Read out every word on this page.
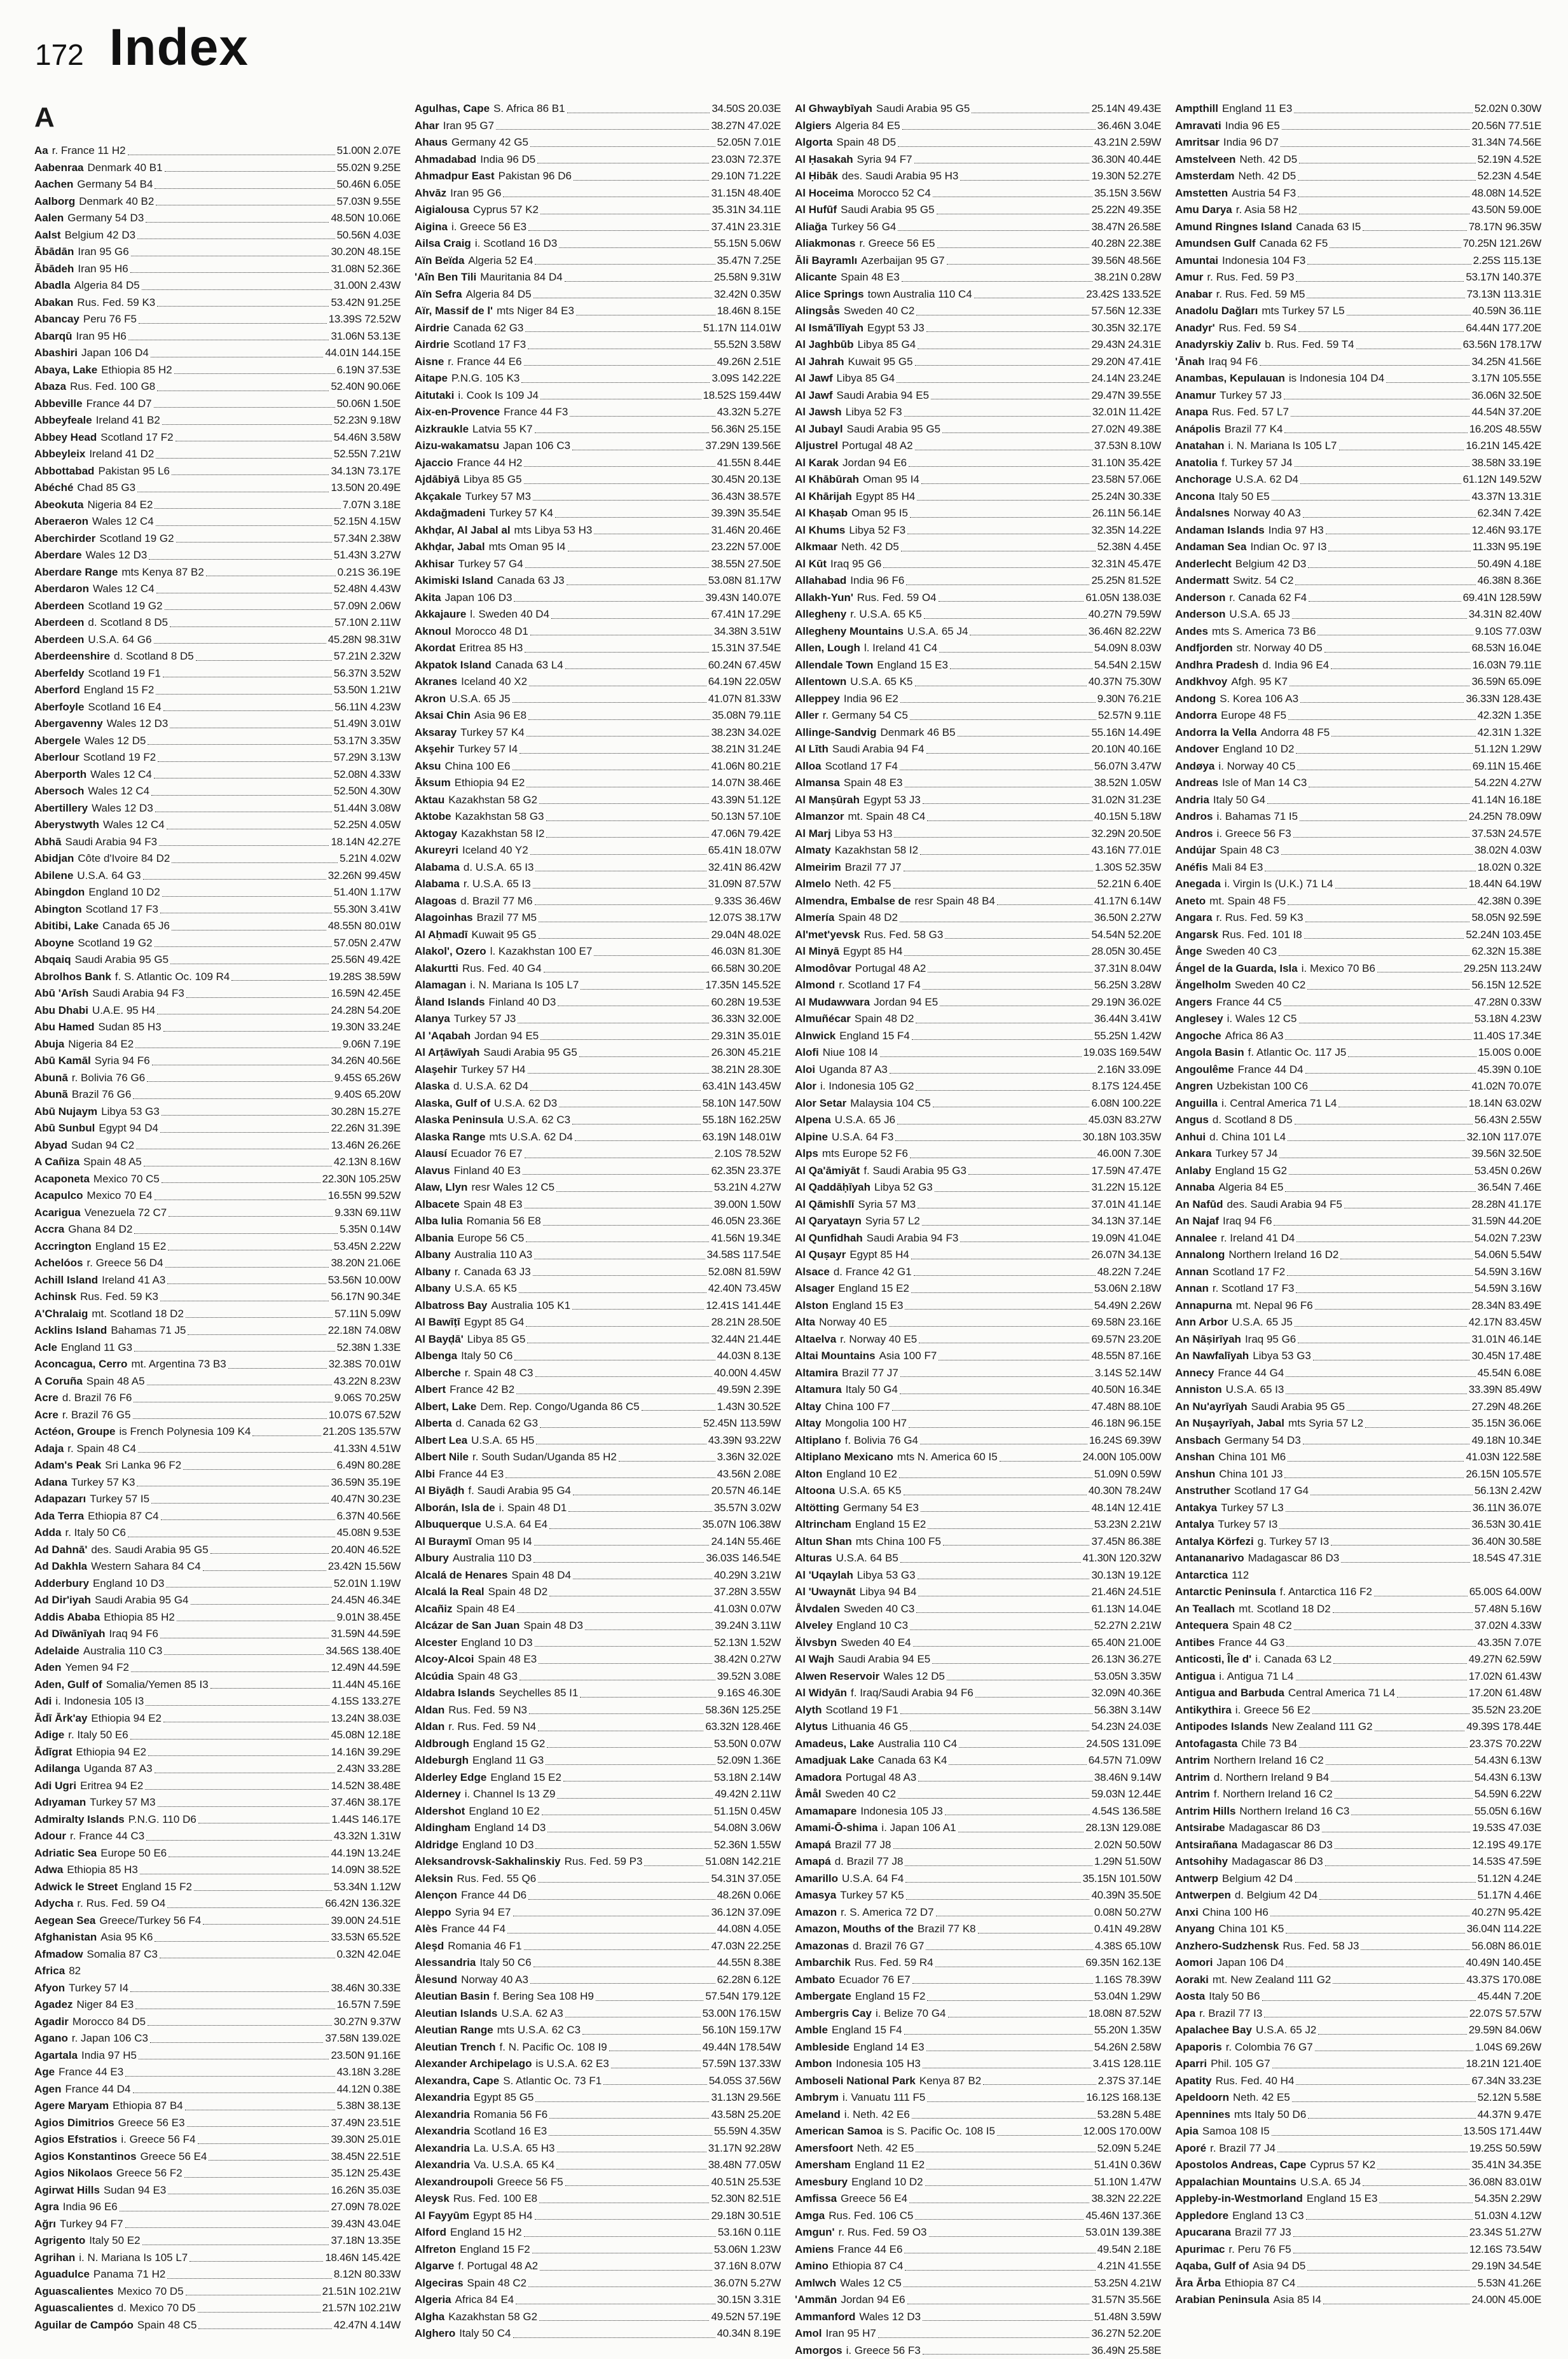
172 Index
A
Aa r. France 11 H2	51.00N 2.07E
Aabenraa Denmark 40 B1	55.02N 9.25E
Aachen Germany 54 B4	50.46N 6.05E
Aalborg Denmark 40 B2	57.03N 9.55E
Aalen Germany 54 D3	48.50N 10.06E
Aalst Belgium 42 D3	50.56N 4.03E
Ābādān Iran 95 G6	30.20N 48.15E
Ābādeh Iran 95 H6	31.08N 52.36E
Abadla Algeria 84 D5	31.00N 2.43W
Abakan Rus. Fed. 59 K3	53.42N 91.25E
Abancay Peru 76 F5	13.39S 72.52W
Abarqū Iran 95 H6	31.06N 53.13E
Abashiri Japan 106 D4	44.01N 144.15E
Abaya, Lake Ethiopia 85 H2	6.19N 37.53E
Abaza Rus. Fed. 100 G8	52.40N 90.06E
Abbeville France 44 D7	50.06N 1.50E
Abbeyfeale Ireland 41 B2	52.23N 9.18W
Abbey Head Scotland 17 F2	54.46N 3.58W
Abbeyleix Ireland 41 D2	52.55N 7.21W
Abbottabad Pakistan 95 L6	34.13N 73.17E
Abéché Chad 85 G3	13.50N 20.49E
Abeokuta Nigeria 84 E2	7.07N 3.18E
Aberaeron Wales 12 C4	52.15N 4.15W
Aberchirder Scotland 19 G2	57.34N 2.38W
Aberdare Wales 12 D3	51.43N 3.27W
Aberdare Range mts Kenya 87 B2	0.21S 36.19E
Aberdaron Wales 12 C4	52.48N 4.43W
Aberdeen Scotland 19 G2	57.09N 2.06W
Aberdeen d. Scotland 8 D5	57.10N 2.11W
Aberdeen U.S.A. 64 G6	45.28N 98.31W
Aberdeenshire d. Scotland 8 D5	57.21N 2.32W
Aberfeldy Scotland 19 F1	56.37N 3.52W
Aberford England 15 F2	53.50N 1.21W
Aberfoyle Scotland 16 E4	56.11N 4.23W
Abergavenny Wales 12 D3	51.49N 3.01W
Abergele Wales 12 D5	53.17N 3.35W
Aberlour Scotland 19 F2	57.29N 3.13W
Aberporth Wales 12 C4	52.08N 4.33W
Abersoch Wales 12 C4	52.50N 4.30W
Abertillery Wales 12 D3	51.44N 3.08W
Aberystwyth Wales 12 C4	52.25N 4.05W
Abhā Saudi Arabia 94 F3	18.14N 42.27E
Abidjan Côte d'Ivoire 84 D2	5.21N 4.02W
Abilene U.S.A. 64 G3	32.26N 99.45W
Abingdon England 10 D2	51.40N 1.17W
Abington Scotland 17 F3	55.30N 3.41W
Abitibi, Lake Canada 65 J6	48.55N 80.01W
Aboyne Scotland 19 G2	57.05N 2.47W
Abqaiq Saudi Arabia 95 G5	25.56N 49.42E
Abrolhos Bank f. S. Atlantic Oc. 109 R4	19.28S 38.59W
Abū 'Arīsh Saudi Arabia 94 F3	16.59N 42.45E
Abu Dhabi U.A.E. 95 H4	24.28N 54.20E
Abu Hamed Sudan 85 H3	19.30N 33.24E
Abuja Nigeria 84 E2	9.06N 7.19E
Abū Kamāl Syria 94 F6	34.26N 40.56E
Abunā r. Bolivia 76 G6	9.45S 65.26W
Abunã Brazil 76 G6	9.40S 65.20W
Abū Nujaym Libya 53 G3	30.28N 15.27E
Abū Sunbul Egypt 94 D4	22.26N 31.39E
Abyad Sudan 94 C2	13.46N 26.26E
A Cañiza Spain 48 A5	42.13N 8.16W
Acaponeta Mexico 70 C5	22.30N 105.25W
Acapulco Mexico 70 E4	16.55N 99.52W
Acarigua Venezuela 72 C7	9.33N 69.11W
Accra Ghana 84 D2	5.35N 0.14W
Accrington England 15 E2	53.45N 2.22W
Achelóos r. Greece 56 D4	38.20N 21.06E
Achill Island Ireland 41 A3	53.56N 10.00W
Achinsk Rus. Fed. 59 K3	56.17N 90.34E
A'Chralaig mt. Scotland 18 D2	57.11N 5.09W
Acklins Island Bahamas 71 J5	22.18N 74.08W
Acle England 11 G3	52.38N 1.33E
Aconcagua, Cerro mt. Argentina 73 B3	32.38S 70.01W
A Coruña Spain 48 A5	43.22N 8.23W
Acre d. Brazil 76 F6	9.06S 70.25W
Acre r. Brazil 76 G5	10.07S 67.52W
Actéon, Groupe is French Polynesia 109 K4	21.20S 135.57W
Adaja r. Spain 48 C4	41.33N 4.51W
Adam's Peak Sri Lanka 96 F2	6.49N 80.28E
Adana Turkey 57 K3	36.59N 35.19E
Adapazarı Turkey 57 I5	40.47N 30.23E
Ada Terra Ethiopia 87 C4	6.37N 40.56E
Adda r. Italy 50 C6	45.08N 9.53E
Ad Dahnā' des. Saudi Arabia 95 G5	20.40N 46.52E
Ad Dakhla Western Sahara 84 C4	23.42N 15.56W
Adderbury England 10 D3	52.01N 1.19W
Ad Dir'iyah Saudi Arabia 95 G4	24.45N 46.34E
Addis Ababa Ethiopia 85 H2	9.01N 38.45E
Ad Dīwānīyah Iraq 94 F6	31.59N 44.59E
Adelaide Australia 110 C3	34.56S 138.40E
Aden Yemen 94 F2	12.49N 44.59E
Aden, Gulf of Somalia/Yemen 85 I3	11.44N 45.16E
Adi i. Indonesia 105 I3	4.15S 133.27E
Ādī Ārk'ay Ethiopia 94 E2	13.24N 38.03E
Adige r. Italy 50 E6	45.08N 12.18E
Ādīgrat Ethiopia 94 E2	14.16N 39.29E
Adilanga Uganda 87 A3	2.43N 33.28E
Adi Ugri Eritrea 94 E2	14.52N 38.48E
Adıyaman Turkey 57 M3	37.46N 38.17E
Admiralty Islands P.N.G. 110 D6	1.44S 146.17E
Adour r. France 44 C3	43.32N 1.31W
Adriatic Sea Europe 50 E6	44.19N 13.24E
Adwa Ethiopia 85 H3	14.09N 38.52E
Adwick le Street England 15 F2	53.34N 1.12W
Adycha r. Rus. Fed. 59 O4	66.42N 136.32E
Aegean Sea Greece/Turkey 56 F4	39.00N 24.51E
Afghanistan Asia 95 K6	33.53N 65.52E
Afmadow Somalia 87 C3	0.32N 42.04E
Africa 82
Afyon Turkey 57 I4	38.46N 30.33E
Agadez Niger 84 E3	16.57N 7.59E
Agadir Morocco 84 D5	30.27N 9.37W
Agano r. Japan 106 C3	37.58N 139.02E
Agartala India 97 H5	23.50N 91.16E
Age France 44 E3	43.18N 3.28E
Agen France 44 D4	44.12N 0.38E
Agere Maryam Ethiopia 87 B4	5.38N 38.13E
Agios Dimitrios Greece 56 E3	37.49N 23.51E
Agios Efstratios i. Greece 56 F4	39.30N 25.01E
Agios Konstantinos Greece 56 E4	38.45N 22.51E
Agios Nikolaos Greece 56 F2	35.12N 25.43E
Agirwat Hills Sudan 94 E3	16.26N 35.03E
Agra India 96 E6	27.09N 78.02E
Ağrı Turkey 94 F7	39.43N 43.04E
Agrigento Italy 50 E2	37.18N 13.35E
Agrihan i. N. Mariana Is 105 L7	18.46N 145.42E
Aguadulce Panama 71 H2	8.12N 80.33W
Aguascalientes Mexico 70 D5	21.51N 102.21W
Aguascalientes d. Mexico 70 D5	21.57N 102.21W
Aguilar de Campóo Spain 48 C5	42.47N 4.14W
Agulhas, Cape S. Africa 86 B1	34.50S 20.03E
Ahar Iran 95 G7	38.27N 47.02E
Ahaus Germany 42 G5	52.05N 7.01E
Ahmadabad India 96 D5	23.03N 72.37E
Ahmadpur East Pakistan 96 D6	29.10N 71.22E
Ahvāz Iran 95 G6	31.15N 48.40E
Aigialousa Cyprus 57 K2	35.31N 34.11E
Aigina i. Greece 56 E3	37.41N 23.31E
Ailsa Craig i. Scotland 16 D3	55.15N 5.06W
Aïn Beïda Algeria 52 E4	35.47N 7.25E
'Aîn Ben Tili Mauritania 84 D4	25.58N 9.31W
Aïn Sefra Algeria 84 D5	32.42N 0.35W
Aïr, Massif de l' mts Niger 84 E3	18.46N 8.15E
Airdrie Canada 62 G3	51.17N 114.01W
Airdrie Scotland 17 F3	55.52N 3.58W
Aisne r. France 44 E6	49.26N 2.51E
Aitape P.N.G. 105 K3	3.09S 142.22E
Aitutaki i. Cook Is 109 J4	18.52S 159.44W
Aix-en-Provence France 44 F3	43.32N 5.27E
Aizkraukle Latvia 55 K7	56.36N 25.15E
Aizu-wakamatsu Japan 106 C3	37.29N 139.56E
Ajaccio France 44 H2	41.55N 8.44E
Ajdābiyā Libya 85 G5	30.45N 20.13E
Akçakale Turkey 57 M3	36.43N 38.57E
Akdağmadeni Turkey 57 K4	39.39N 35.54E
Akhḍar, Al Jabal al mts Libya 53 H3	31.46N 20.46E
Akhḍar, Jabal mts Oman 95 I4	23.22N 57.00E
Akhisar Turkey 57 G4	38.55N 27.50E
Akimiski Island Canada 63 J3	53.08N 81.17W
Akita Japan 106 D3	39.43N 140.07E
Akkajaure l. Sweden 40 D4	67.41N 17.29E
Aknoul Morocco 48 D1	34.38N 3.51W
Akordat Eritrea 85 H3	15.31N 37.54E
Akpatok Island Canada 63 L4	60.24N 67.45W
Akranes Iceland 40 X2	64.19N 22.05W
Akron U.S.A. 65 J5	41.07N 81.33W
Aksai Chin Asia 96 E8	35.08N 79.11E
Aksaray Turkey 57 K4	38.23N 34.02E
Akşehir Turkey 57 I4	38.21N 31.24E
Aksu China 100 E6	41.06N 80.21E
Āksum Ethiopia 94 E2	14.07N 38.46E
Aktau Kazakhstan 58 G2	43.39N 51.12E
Aktobe Kazakhstan 58 G3	50.13N 57.10E
Aktogay Kazakhstan 58 I2	47.06N 79.42E
Akureyri Iceland 40 Y2	65.41N 18.07W
Alabama d. U.S.A. 65 I3	32.41N 86.42W
Alabama r. U.S.A. 65 I3	31.09N 87.57W
Alagoas d. Brazil 77 M6	9.33S 36.46W
Alagoinhas Brazil 77 M5	12.07S 38.17W
Al Aḥmadī Kuwait 95 G5	29.04N 48.02E
Alakol', Ozero l. Kazakhstan 100 E7	46.03N 81.30E
Alakurtti Rus. Fed. 40 G4	66.58N 30.20E
Alamagan i. N. Mariana Is 105 L7	17.35N 145.52E
Åland Islands Finland 40 D3	60.28N 19.53E
Alanya Turkey 57 J3	36.33N 32.00E
Al 'Aqabah Jordan 94 E5	29.31N 35.01E
Al Arṭāwīyah Saudi Arabia 95 G5	26.30N 45.21E
Alaşehir Turkey 57 H4	38.21N 28.30E
Alaska d. U.S.A. 62 D4	63.41N 143.45W
Alaska, Gulf of U.S.A. 62 D3	58.10N 147.50W
Alaska Peninsula U.S.A. 62 C3	55.18N 162.25W
Alaska Range mts U.S.A. 62 D4	63.19N 148.01W
Alausí Ecuador 76 E7	2.10S 78.52W
Alavus Finland 40 E3	62.35N 23.37E
Alaw, Llyn resr Wales 12 C5	53.21N 4.27W
Albacete Spain 48 E3	39.00N 1.50W
Alba Iulia Romania 56 E8	46.05N 23.36E
Albania Europe 56 C5	41.56N 19.34E
Albany Australia 110 A3	34.58S 117.54E
Albany r. Canada 63 J3	52.08N 81.59W
Albany U.S.A. 65 K5	42.40N 73.45W
Albatross Bay Australia 105 K1	12.41S 141.44E
Al Bawīṭī Egypt 85 G4	28.21N 28.50E
Al Bayḍā' Libya 85 G5	32.44N 21.44E
Albenga Italy 50 C6	44.03N 8.13E
Alberche r. Spain 48 C3	40.00N 4.45W
Albert France 42 B2	49.59N 2.39E
Albert, Lake Dem. Rep. Congo/Uganda 86 C5	1.43N 30.52E
Alberta d. Canada 62 G3	52.45N 113.59W
Albert Lea U.S.A. 65 H5	43.39N 93.22W
Albert Nile r. South Sudan/Uganda 85 H2	3.36N 32.02E
Albi France 44 E3	43.56N 2.08E
Al Biyāḍh f. Saudi Arabia 95 G4	20.57N 46.14E
Alborán, Isla de i. Spain 48 D1	35.57N 3.02W
Albuquerque U.S.A. 64 E4	35.07N 106.38W
Al Buraymī Oman 95 I4	24.14N 55.46E
Albury Australia 110 D3	36.03S 146.54E
Alcalá de Henares Spain 48 D4	40.29N 3.21W
Alcalá la Real Spain 48 D2	37.28N 3.55W
Alcañiz Spain 48 E4	41.03N 0.07W
Alcázar de San Juan Spain 48 D3	39.24N 3.11W
Alcester England 10 D3	52.13N 1.52W
Alcoy-Alcoi Spain 48 E3	38.42N 0.27W
Alcúdia Spain 48 G3	39.52N 3.08E
Aldabra Islands Seychelles 85 I1	9.16S 46.30E
Aldan Rus. Fed. 59 N3	58.36N 125.25E
Aldan r. Rus. Fed. 59 N4	63.32N 128.46E
Aldbrough England 15 G2	53.50N 0.07W
Aldeburgh England 11 G3	52.09N 1.36E
Alderley Edge England 15 E2	53.18N 2.14W
Alderney i. Channel Is 13 Z9	49.42N 2.11W
Aldershot England 10 E2	51.15N 0.45W
Aldingham England 14 D3	54.08N 3.06W
Aldridge England 10 D3	52.36N 1.55W
Aleksandrovsk-Sakhalinskiy Rus. Fed. 59 P3	51.08N 142.21E
Aleksin Rus. Fed. 55 Q6	54.31N 37.05E
Alençon France 44 D6	48.26N 0.06E
Aleppo Syria 94 E7	36.12N 37.09E
Alès France 44 F4	44.08N 4.05E
Aleşd Romania 46 F1	47.03N 22.25E
Alessandria Italy 50 C6	44.55N 8.38E
Ålesund Norway 40 A3	62.28N 6.12E
Aleutian Basin f. Bering Sea 108 H9	57.54N 179.12E
Aleutian Islands U.S.A. 62 A3	53.00N 176.15W
Aleutian Range mts U.S.A. 62 C3	56.10N 159.17W
Aleutian Trench f. N. Pacific Oc. 108 I9	49.44N 178.54W
Alexander Archipelago is U.S.A. 62 E3	57.59N 137.33W
Alexandra, Cape S. Atlantic Oc. 73 F1	54.05S 37.56W
Alexandria Egypt 85 G5	31.13N 29.56E
Alexandria Romania 56 F6	43.58N 25.20E
Alexandria Scotland 16 E3	55.59N 4.35W
Alexandria La. U.S.A. 65 H3	31.17N 92.28W
Alexandria Va. U.S.A. 65 K4	38.48N 77.05W
Alexandroupoli Greece 56 F5	40.51N 25.53E
Aleysk Rus. Fed. 100 E8	52.30N 82.51E
Al Fayyūm Egypt 85 H4	29.18N 30.51E
Alford England 15 H2	53.16N 0.11E
Alfreton England 15 F2	53.06N 1.23W
Algarve f. Portugal 48 A2	37.16N 8.07W
Algeciras Spain 48 C2	36.07N 5.27W
Algeria Africa 84 E4	30.15N 3.31E
Algha Kazakhstan 58 G2	49.52N 57.19E
Alghero Italy 50 C4	40.34N 8.19E
Al Ghwaybīyah Saudi Arabia 95 G5	25.14N 49.43E
Algiers Algeria 84 E5	36.46N 3.04E
Algorta Spain 48 D5	43.21N 2.59W
Al Ḥasakah Syria 94 F7	36.30N 40.44E
Al Ḥibāk des. Saudi Arabia 95 H3	19.30N 52.27E
Al Hoceima Morocco 52 C4	35.15N 3.56W
Al Hufūf Saudi Arabia 95 G5	25.22N 49.35E
Aliağa Turkey 56 G4	38.47N 26.58E
Aliakmonas r. Greece 56 E5	40.28N 22.38E
Āli Bayramlı Azerbaijan 95 G7	39.56N 48.56E
Alicante Spain 48 E3	38.21N 0.28W
Alice Springs town Australia 110 C4	23.42S 133.52E
Alingsås Sweden 40 C2	57.56N 12.33E
Al Ismā'īlīyah Egypt 53 J3	30.35N 32.17E
Al Jaghbūb Libya 85 G4	29.43N 24.31E
Al Jahrah Kuwait 95 G5	29.20N 47.41E
Al Jawf Libya 85 G4	24.14N 23.24E
Al Jawf Saudi Arabia 94 E5	29.47N 39.55E
Al Jawsh Libya 52 F3	32.01N 11.42E
Al Jubayl Saudi Arabia 95 G5	27.02N 49.38E
Aljustrel Portugal 48 A2	37.53N 8.10W
Al Karak Jordan 94 E6	31.10N 35.42E
Al Khābūrah Oman 95 I4	23.58N 57.06E
Al Khārijah Egypt 85 H4	25.24N 30.33E
Al Khaṣab Oman 95 I5	26.11N 56.14E
Al Khums Libya 52 F3	32.35N 14.22E
Alkmaar Neth. 42 D5	52.38N 4.45E
Al Kūt Iraq 95 G6	32.31N 45.47E
Allahabad India 96 F6	25.25N 81.52E
Allakh-Yun' Rus. Fed. 59 O4	61.05N 138.03E
Allegheny r. U.S.A. 65 K5	40.27N 79.59W
Allegheny Mountains U.S.A. 65 J4	36.46N 82.22W
Allen, Lough l. Ireland 41 C4	54.09N 8.03W
Allendale Town England 15 E3	54.54N 2.15W
Allentown U.S.A. 65 K5	40.37N 75.30W
Alleppey India 96 E2	9.30N 76.21E
Aller r. Germany 54 C5	52.57N 9.11E
Allinge-Sandvig Denmark 46 B5	55.16N 14.49E
Al Līth Saudi Arabia 94 F4	20.10N 40.16E
Alloa Scotland 17 F4	56.07N 3.47W
Almansa Spain 48 E3	38.52N 1.05W
Al Manṣūrah Egypt 53 J3	31.02N 31.23E
Almanzor mt. Spain 48 C4	40.15N 5.18W
Al Marj Libya 53 H3	32.29N 20.50E
Almaty Kazakhstan 58 I2	43.16N 77.01E
Almeirim Brazil 77 J7	1.30S 52.35W
Almelo Neth. 42 F5	52.21N 6.40E
Almendra, Embalse de resr Spain 48 B4	41.17N 6.14W
Almería Spain 48 D2	36.50N 2.27W
Al'met'yevsk Rus. Fed. 58 G3	54.54N 52.20E
Al Minyā Egypt 85 H4	28.05N 30.45E
Almodôvar Portugal 48 A2	37.31N 8.04W
Almond r. Scotland 17 F4	56.25N 3.28W
Al Mudawwara Jordan 94 E5	29.19N 36.02E
Almuñécar Spain 48 D2	36.44N 3.41W
Alnwick England 15 F4	55.25N 1.42W
Alofi Niue 108 I4	19.03S 169.54W
Aloi Uganda 87 A3	2.16N 33.09E
Alor i. Indonesia 105 G2	8.17S 124.45E
Alor Setar Malaysia 104 C5	6.08N 100.22E
Alpena U.S.A. 65 J6	45.03N 83.27W
Alpine U.S.A. 64 F3	30.18N 103.35W
Alps mts Europe 52 F6	46.00N 7.30E
Al Qa'āmiyāt f. Saudi Arabia 95 G3	17.59N 47.47E
Al Qaddāḥīyah Libya 52 G3	31.22N 15.12E
Al Qāmishlī Syria 57 M3	37.01N 41.14E
Al Qaryatayn Syria 57 L2	34.13N 37.14E
Al Qunfidhah Saudi Arabia 94 F3	19.09N 41.04E
Al Quṣayr Egypt 85 H4	26.07N 34.13E
Alsace d. France 42 G1	48.22N 7.24E
Alsager England 15 E2	53.06N 2.18W
Alston England 15 E3	54.49N 2.26W
Alta Norway 40 E5	69.58N 23.16E
Altaelva r. Norway 40 E5	69.57N 23.20E
Altai Mountains Asia 100 F7	48.55N 87.16E
Altamira Brazil 77 J7	3.14S 52.14W
Altamura Italy 50 G4	40.50N 16.34E
Altay China 100 F7	47.48N 88.10E
Altay Mongolia 100 H7	46.18N 96.15E
Altiplano f. Bolivia 76 G4	16.24S 69.39W
Altiplano Mexicano mts N. America 60 I5	24.00N 105.00W
Alton England 10 E2	51.09N 0.59W
Altoona U.S.A. 65 K5	40.30N 78.24W
Altötting Germany 54 E3	48.14N 12.41E
Altrincham England 15 E2	53.23N 2.21W
Altun Shan mts China 100 F5	37.45N 86.38E
Alturas U.S.A. 64 B5	41.30N 120.32W
Al 'Uqaylah Libya 53 G3	30.13N 19.12E
Al 'Uwaynāt Libya 94 B4	21.46N 24.51E
Ålvdalen Sweden 40 C3	61.13N 14.04E
Alveley England 10 C3	52.27N 2.21W
Älvsbyn Sweden 40 E4	65.40N 21.00E
Al Wajh Saudi Arabia 94 E5	26.13N 36.27E
Alwen Reservoir Wales 12 D5	53.05N 3.35W
Al Widyān f. Iraq/Saudi Arabia 94 F6	32.09N 40.36E
Alyth Scotland 19 F1	56.38N 3.14W
Alytus Lithuania 46 G5	54.23N 24.03E
Amadeus, Lake Australia 110 C4	24.50S 131.09E
Amadjuak Lake Canada 63 K4	64.57N 71.09W
Amadora Portugal 48 A3	38.46N 9.14W
Åmål Sweden 40 C2	59.03N 12.44E
Amamapare Indonesia 105 J3	4.54S 136.58E
Amami-Ō-shima i. Japan 106 A1	28.13N 129.08E
Amapá Brazil 77 J8	2.02N 50.50W
Amapá d. Brazil 77 J8	1.29N 51.50W
Amarillo U.S.A. 64 F4	35.15N 101.50W
Amasya Turkey 57 K5	40.39N 35.50E
Amazon r. S. America 72 D7	0.08N 50.27W
Amazon, Mouths of the Brazil 77 K8	0.41N 49.28W
Amazonas d. Brazil 76 G7	4.38S 65.10W
Ambarchik Rus. Fed. 59 R4	69.35N 162.13E
Ambato Ecuador 76 E7	1.16S 78.39W
Ambergate England 15 F2	53.04N 1.29W
Ambergris Cay i. Belize 70 G4	18.08N 87.52W
Amble England 15 F4	55.20N 1.35W
Ambleside England 14 E3	54.26N 2.58W
Ambon Indonesia 105 H3	3.41S 128.11E
Amboseli National Park Kenya 87 B2	2.37S 37.14E
Ambrym i. Vanuatu 111 F5	16.12S 168.13E
Ameland i. Neth. 42 E6	53.28N 5.48E
American Samoa is S. Pacific Oc. 108 I5	12.00S 170.00W
Amersfoort Neth. 42 E5	52.09N 5.24E
Amersham England 11 E2	51.41N 0.36W
Amesbury England 10 D2	51.10N 1.47W
Amfissa Greece 56 E4	38.32N 22.22E
Amga Rus. Fed. 106 C5	45.46N 137.36E
Amgun' r. Rus. Fed. 59 O3	53.01N 139.38E
Amiens France 44 E6	49.54N 2.18E
Amino Ethiopia 87 C4	4.21N 41.55E
Amlwch Wales 12 C5	53.25N 4.21W
'Ammān Jordan 94 E6	31.57N 35.56E
Ammanford Wales 12 D3	51.48N 3.59W
Amol Iran 95 H7	36.27N 52.20E
Amorgos i. Greece 56 F3	36.49N 25.58E
Ampthill England 11 E3	52.02N 0.30W
Amravati India 96 E5	20.56N 77.51E
Amritsar India 96 D7	31.34N 74.56E
Amstelveen Neth. 42 D5	52.19N 4.52E
Amsterdam Neth. 42 D5	52.23N 4.54E
Amstetten Austria 54 F3	48.08N 14.52E
Amu Darya r. Asia 58 H2	43.50N 59.00E
Amund Ringnes Island Canada 63 I5	78.17N 96.35W
Amundsen Gulf Canada 62 F5	70.25N 121.26W
Amuntai Indonesia 104 F3	2.25S 115.13E
Amur r. Rus. Fed. 59 P3	53.17N 140.37E
Anabar r. Rus. Fed. 59 M5	73.13N 113.31E
Anadolu Dağları mts Turkey 57 L5	40.59N 36.11E
Anadyr' Rus. Fed. 59 S4	64.44N 177.20E
Anadyrskiy Zaliv b. Rus. Fed. 59 T4	63.56N 178.17W
'Ānah Iraq 94 F6	34.25N 41.56E
Anambas, Kepulauan is Indonesia 104 D4	3.17N 105.55E
Anamur Turkey 57 J3	36.06N 32.50E
Anapa Rus. Fed. 57 L7	44.54N 37.20E
Anápolis Brazil 77 K4	16.20S 48.55W
Anatahan i. N. Mariana Is 105 L7	16.21N 145.42E
Anatolia f. Turkey 57 J4	38.58N 33.19E
Anchorage U.S.A. 62 D4	61.12N 149.52W
Ancona Italy 50 E5	43.37N 13.31E
Åndalsnes Norway 40 A3	62.34N 7.42E
Andaman Islands India 97 H3	12.46N 93.17E
Andaman Sea Indian Oc. 97 I3	11.33N 95.19E
Anderlecht Belgium 42 D3	50.49N 4.18E
Andermatt Switz. 54 C2	46.38N 8.36E
Anderson r. Canada 62 F4	69.41N 128.59W
Anderson U.S.A. 65 J3	34.31N 82.40W
Andes mts S. America 73 B6	9.10S 77.03W
Andfjorden str. Norway 40 D5	68.53N 16.04E
Andhra Pradesh d. India 96 E4	16.03N 79.11E
Andkhvoy Afgh. 95 K7	36.59N 65.09E
Andong S. Korea 106 A3	36.33N 128.43E
Andorra Europe 48 F5	42.32N 1.35E
Andorra la Vella Andorra 48 F5	42.31N 1.32E
Andover England 10 D2	51.12N 1.29W
Andøya i. Norway 40 C5	69.11N 15.46E
Andreas Isle of Man 14 C3	54.22N 4.27W
Andria Italy 50 G4	41.14N 16.18E
Andros i. Bahamas 71 I5	24.25N 78.09W
Andros i. Greece 56 F3	37.53N 24.57E
Andújar Spain 48 C3	38.02N 4.03W
Anéfis Mali 84 E3	18.02N 0.32E
Anegada i. Virgin Is (U.K.) 71 L4	18.44N 64.19W
Aneto mt. Spain 48 F5	42.38N 0.39E
Angara r. Rus. Fed. 59 K3	58.05N 92.59E
Angarsk Rus. Fed. 101 I8	52.24N 103.45E
Ånge Sweden 40 C3	62.32N 15.38E
Ángel de la Guarda, Isla i. Mexico 70 B6	29.25N 113.24W
Ängelholm Sweden 40 C2	56.15N 12.52E
Angers France 44 C5	47.28N 0.33W
Anglesey i. Wales 12 C5	53.18N 4.23W
Angoche Africa 86 A3	11.40S 17.34E
Angola Basin f. Atlantic Oc. 117 J5	15.00S 0.00E
Angoulême France 44 D4	45.39N 0.10E
Angren Uzbekistan 100 C6	41.02N 70.07E
Anguilla i. Central America 71 L4	18.14N 63.02W
Angus d. Scotland 8 D5	56.43N 2.55W
Anhui d. China 101 L4	32.10N 117.07E
Ankara Turkey 57 J4	39.56N 32.50E
Anlaby England 15 G2	53.45N 0.26W
Annaba Algeria 84 E5	36.54N 7.46E
An Nafūd des. Saudi Arabia 94 F5	28.28N 41.17E
An Najaf Iraq 94 F6	31.59N 44.20E
Annalee r. Ireland 41 D4	54.02N 7.23W
Annalong Northern Ireland 16 D2	54.06N 5.54W
Annan Scotland 17 F2	54.59N 3.16W
Annan r. Scotland 17 F3	54.59N 3.16W
Annapurna mt. Nepal 96 F6	28.34N 83.49E
Ann Arbor U.S.A. 65 J5	42.17N 83.45W
An Nāṣirīyah Iraq 95 G6	31.01N 46.14E
An Nawfalīyah Libya 53 G3	30.45N 17.48E
Annecy France 44 G4	45.54N 6.08E
Anniston U.S.A. 65 I3	33.39N 85.49W
An Nu'ayrīyah Saudi Arabia 95 G5	27.29N 48.26E
An Nuşayrīyah, Jabal mts Syria 57 L2	35.15N 36.06E
Ansbach Germany 54 D3	49.18N 10.34E
Anshan China 101 M6	41.03N 122.58E
Anshun China 101 J3	26.15N 105.57E
Anstruther Scotland 17 G4	56.13N 2.42W
Antakya Turkey 57 L3	36.11N 36.07E
Antalya Turkey 57 I3	36.53N 30.41E
Antalya Körfezi g. Turkey 57 I3	36.40N 30.58E
Antananarivo Madagascar 86 D3	18.54S 47.31E
Antarctica 112
Antarctic Peninsula f. Antarctica 116 F2	65.00S 64.00W
An Teallach mt. Scotland 18 D2	57.48N 5.16W
Antequera Spain 48 C2	37.02N 4.33W
Antibes France 44 G3	43.35N 7.07E
Anticosti, Île d' i. Canada 63 L2	49.27N 62.59W
Antigua i. Antigua 71 L4	17.02N 61.43W
Antigua and Barbuda Central America 71 L4	17.20N 61.48W
Antikythira i. Greece 56 E2	35.52N 23.20E
Antipodes Islands New Zealand 111 G2	49.39S 178.44E
Antofagasta Chile 73 B4	23.37S 70.22W
Antrim Northern Ireland 16 C2	54.43N 6.13W
Antrim d. Northern Ireland 9 B4	54.43N 6.13W
Antrim f. Northern Ireland 16 C2	54.59N 6.22W
Antrim Hills Northern Ireland 16 C3	55.05N 6.16W
Antsirabe Madagascar 86 D3	19.53S 47.03E
Antsirañana Madagascar 86 D3	12.19S 49.17E
Antsohihy Madagascar 86 D3	14.53S 47.59E
Antwerp Belgium 42 D4	51.12N 4.24E
Antwerpen d. Belgium 42 D4	51.17N 4.46E
Anxi China 100 H6	40.27N 95.42E
Anyang China 101 K5	36.04N 114.22E
Anzhero-Sudzhensk Rus. Fed. 58 J3	56.08N 86.01E
Aomori Japan 106 D4	40.49N 140.45E
Aoraki mt. New Zealand 111 G2	43.37S 170.08E
Aosta Italy 50 B6	45.44N 7.20E
Apa r. Brazil 77 I3	22.07S 57.57W
Apalachee Bay U.S.A. 65 J2	29.59N 84.06W
Apaporis r. Colombia 76 G7	1.04S 69.26W
Aparri Phil. 105 G7	18.21N 121.40E
Apatity Rus. Fed. 40 H4	67.34N 33.23E
Apeldoorn Neth. 42 E5	52.12N 5.58E
Apennines mts Italy 50 D6	44.37N 9.47E
Apia Samoa 108 I5	13.50S 171.44W
Aporé r. Brazil 77 J4	19.25S 50.59W
Apostolos Andreas, Cape Cyprus 57 K2	35.41N 34.35E
Appalachian Mountains U.S.A. 65 J4	36.08N 83.01W
Appleby-in-Westmorland England 15 E3	54.35N 2.29W
Appledore England 13 C3	51.03N 4.12W
Apucarana Brazil 77 J3	23.34S 51.27W
Apurimac r. Peru 76 F5	12.16S 73.54W
Aqaba, Gulf of Asia 94 D5	29.19N 34.54E
Āra Ārba Ethiopia 87 C4	5.53N 41.26E
Arabian Peninsula Asia 85 I4	24.00N 45.00E
